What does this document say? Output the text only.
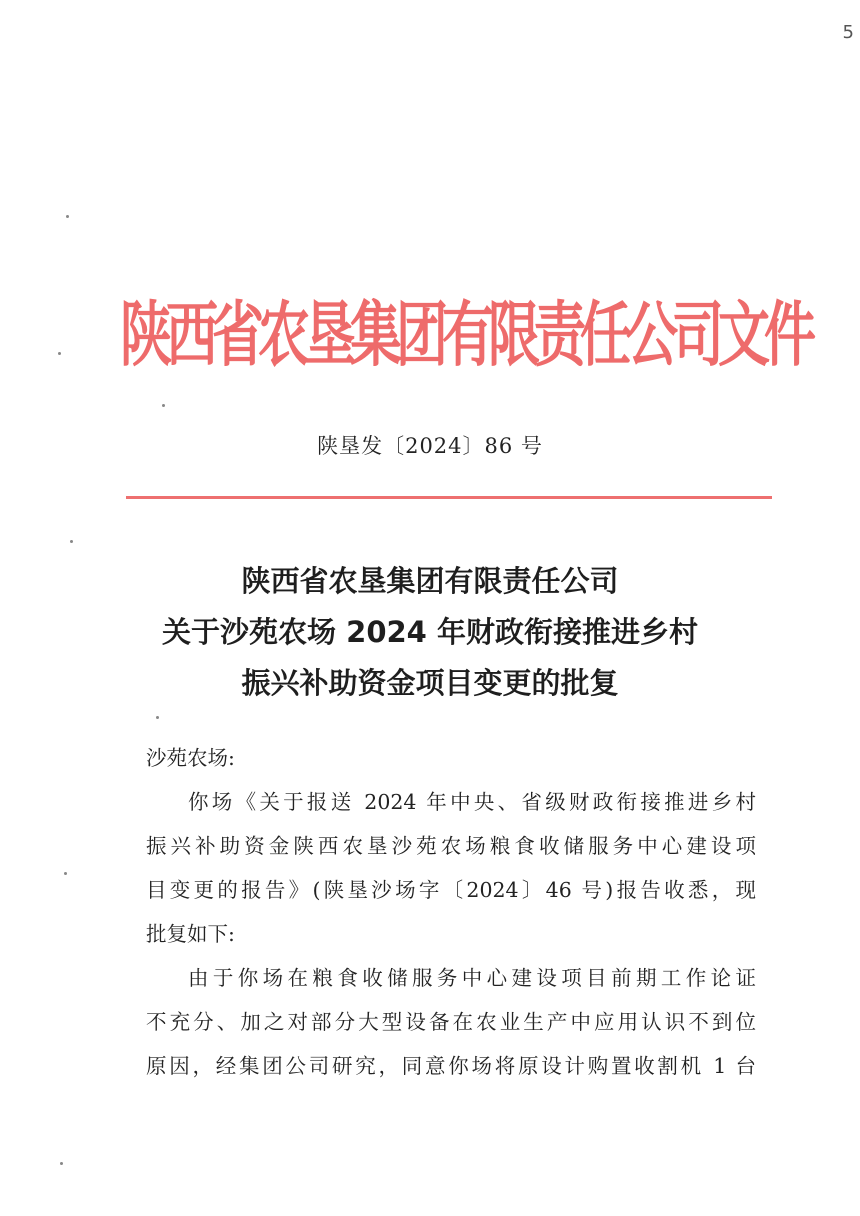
5
陕西省农垦集团有限责任公司文件
陕垦发〔2024〕86 号
陕西省农垦集团有限责任公司
关于沙苑农场 2024 年财政衔接推进乡村
振兴补助资金项目变更的批复
沙苑农场:
你场《关于报送 2024 年中央、省级财政衔接推进乡村
振兴补助资金陕西农垦沙苑农场粮食收储服务中心建设项
目变更的报告》(陕垦沙场字〔2024〕46 号)报告收悉，现
批复如下:
由于你场在粮食收储服务中心建设项目前期工作论证
不充分、加之对部分大型设备在农业生产中应用认识不到位
原因，经集团公司研究，同意你场将原设计购置收割机 1 台
